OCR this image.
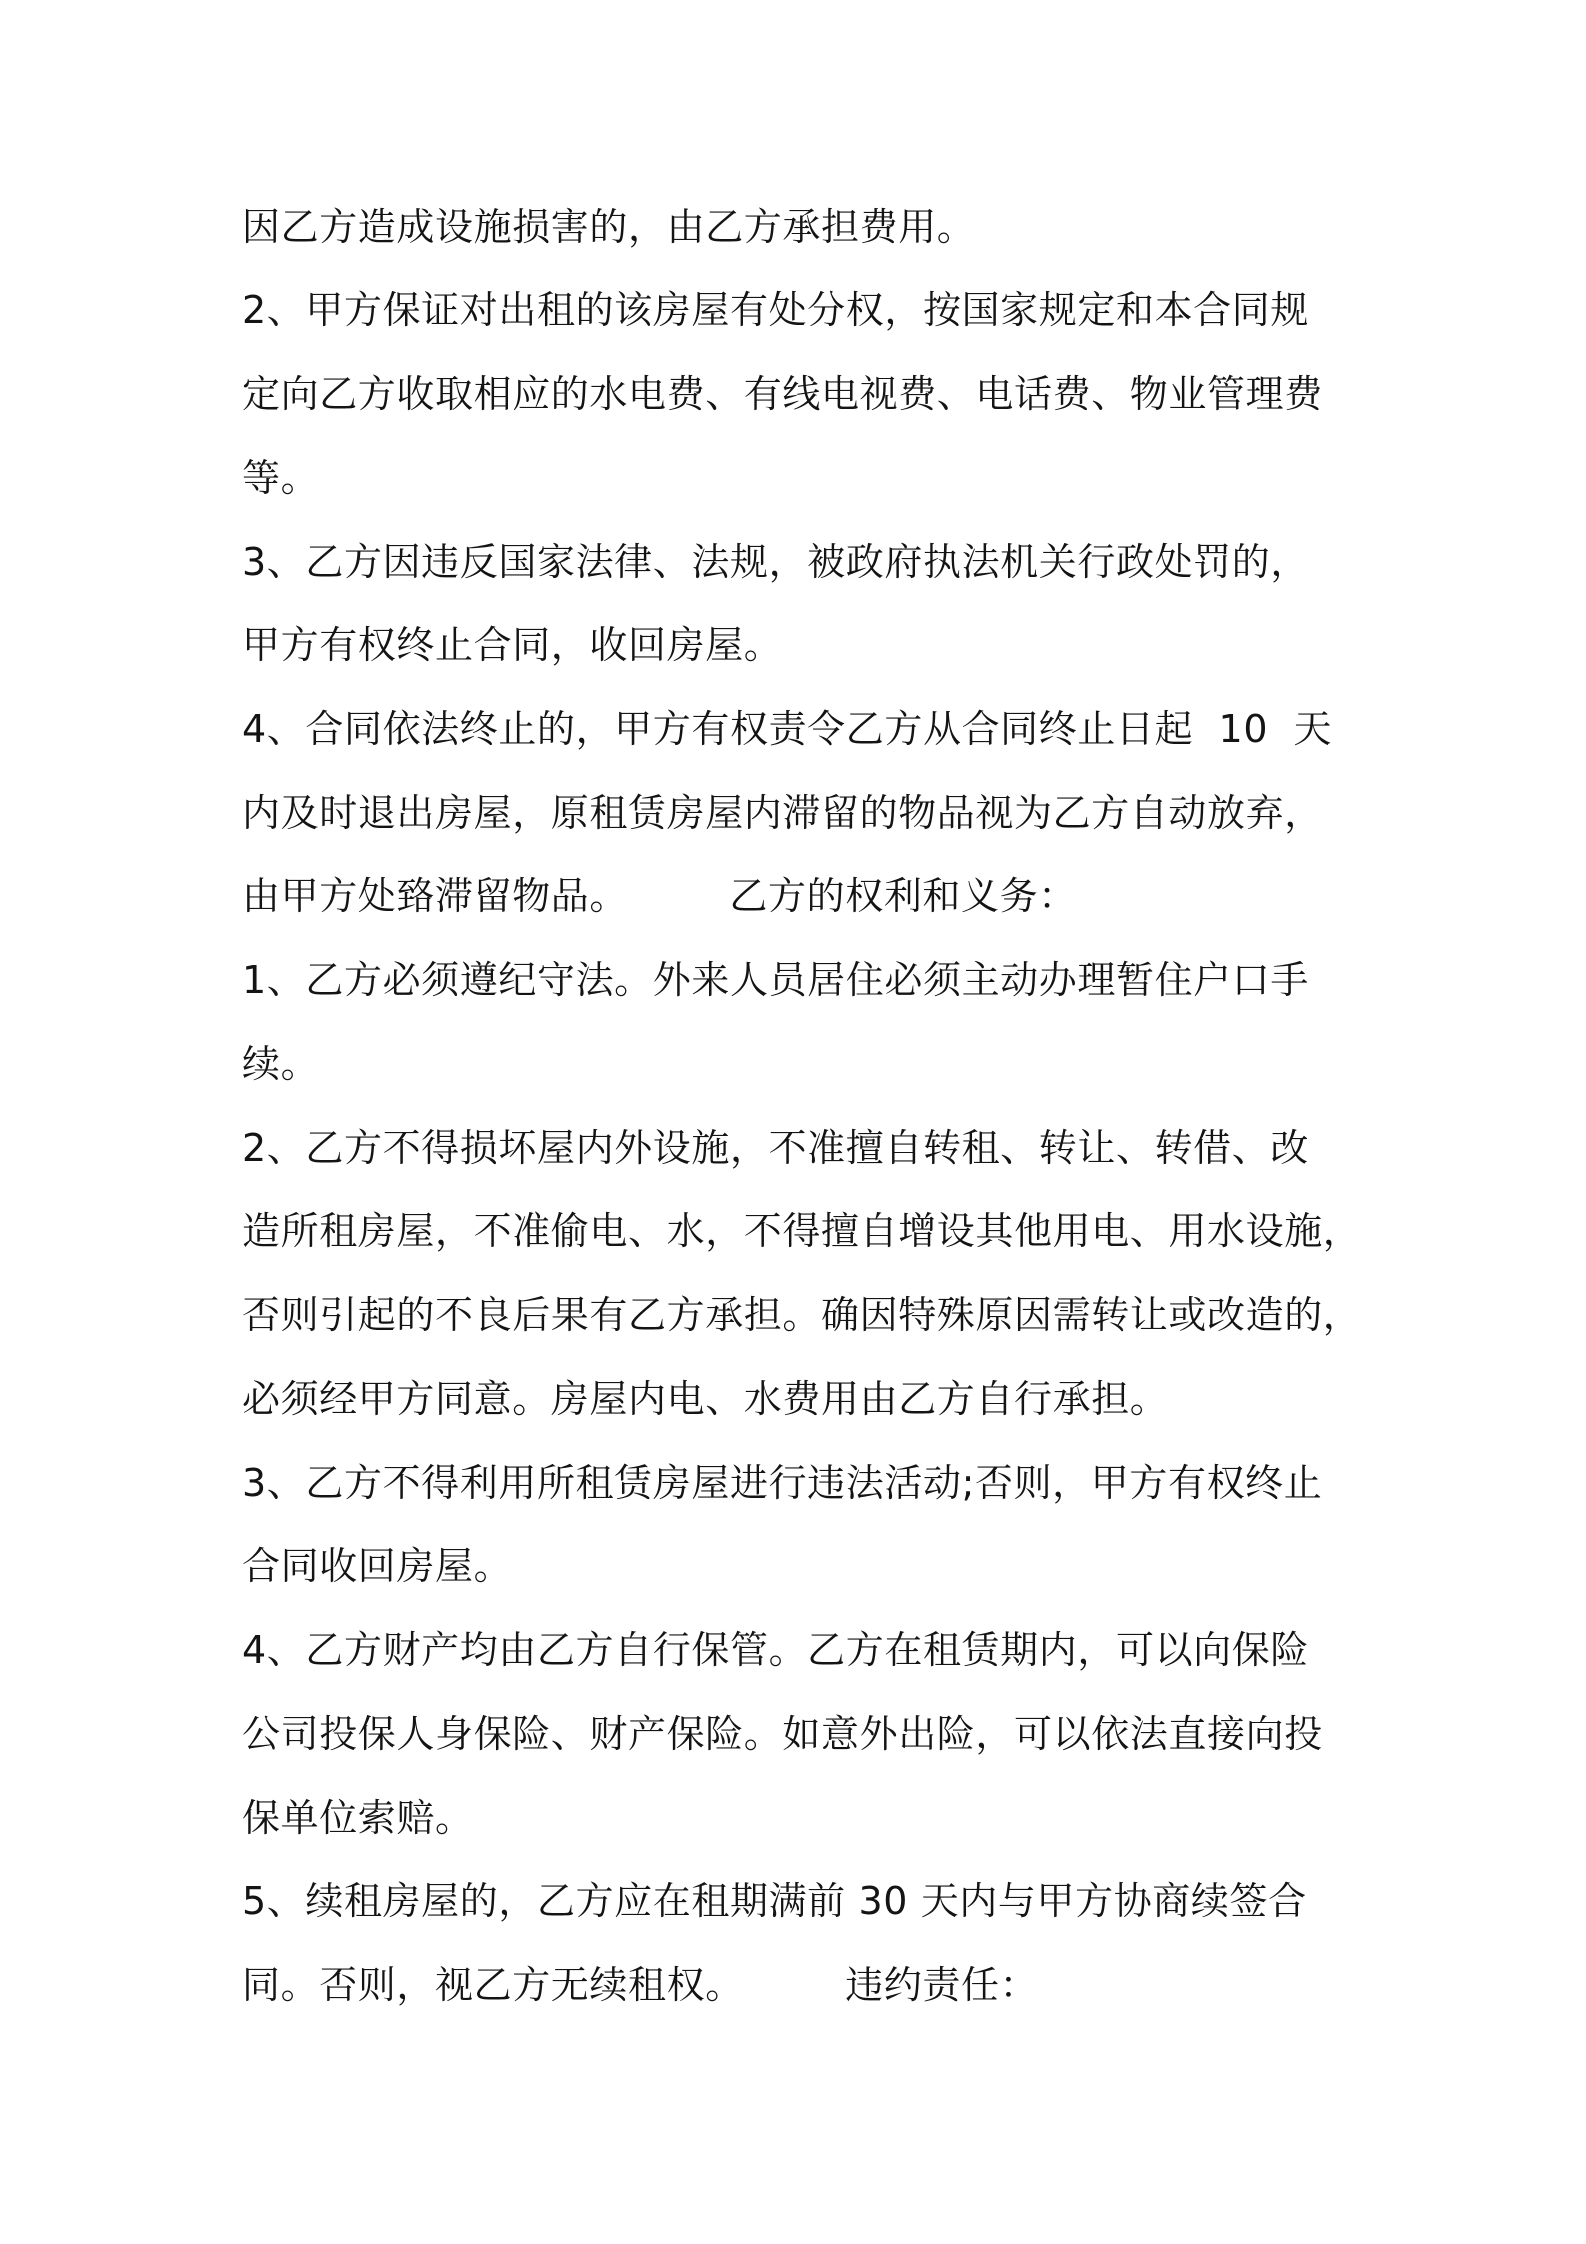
因乙方造成设施损害的，由乙方承担费用。
2、甲方保证对出租的该房屋有处分权，按国家规定和本合同规
定向乙方收取相应的水电费、有线电视费、电话费、物业管理费
等。
3、乙方因违反国家法律、法规，被政府执法机关行政处罚的，
甲方有权终止合同，收回房屋。
4、合同依法终止的，甲方有权责令乙方从合同终止日起  10  天
内及时退出房屋，原租赁房屋内滞留的物品视为乙方自动放弃，
由甲方处臵滞留物品。        乙方的权利和义务：
1、乙方必须遵纪守法。外来人员居住必须主动办理暂住户口手
续。
2、乙方不得损坏屋内外设施，不准擅自转租、转让、转借、改
造所租房屋，不准偷电、水，不得擅自增设其他用电、用水设施，
否则引起的不良后果有乙方承担。确因特殊原因需转让或改造的，
必须经甲方同意。房屋内电、水费用由乙方自行承担。
3、乙方不得利用所租赁房屋进行违法活动;否则，甲方有权终止
合同收回房屋。
4、乙方财产均由乙方自行保管。乙方在租赁期内，可以向保险
公司投保人身保险、财产保险。如意外出险，可以依法直接向投
保单位索赔。
5、续租房屋的，乙方应在租期满前 30 天内与甲方协商续签合
同。否则，视乙方无续租权。        违约责任：
